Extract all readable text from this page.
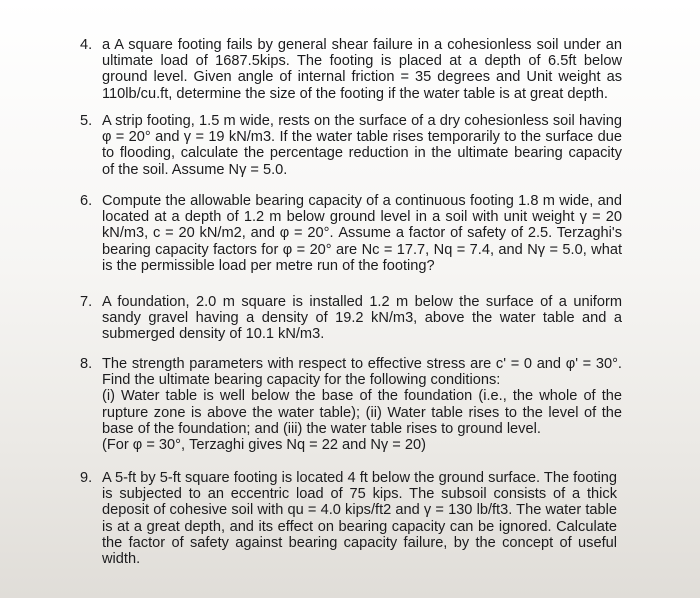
4. a A square footing fails by general shear failure in a cohesionless soil under an ultimate load of 1687.5kips. The footing is placed at a depth of 6.5ft below ground level. Given angle of internal friction = 35 degrees and Unit weight as 110lb/cu.ft, determine the size of the footing if the water table is at great depth.

5. A strip footing, 1.5 m wide, rests on the surface of a dry cohesionless soil having φ = 20° and γ = 19 kN/m3. If the water table rises temporarily to the surface due to flooding, calculate the percentage reduction in the ultimate bearing capacity of the soil. Assume Nγ = 5.0.

6. Compute the allowable bearing capacity of a continuous footing 1.8 m wide, and located at a depth of 1.2 m below ground level in a soil with unit weight γ = 20 kN/m3, c = 20 kN/m2, and φ = 20°. Assume a factor of safety of 2.5. Terzaghi's bearing capacity factors for φ = 20° are Nc = 17.7, Nq = 7.4, and Nγ = 5.0, what is the permissible load per metre run of the footing?

7. A foundation, 2.0 m square is installed 1.2 m below the surface of a uniform sandy gravel having a density of 19.2 kN/m3, above the water table and a submerged density of 10.1 kN/m3.

8. The strength parameters with respect to effective stress are c' = 0 and φ' = 30°. Find the ultimate bearing capacity for the following conditions:
(i) Water table is well below the base of the foundation (i.e., the whole of the rupture zone is above the water table); (ii) Water table rises to the level of the base of the foundation; and (iii) the water table rises to ground level.
(For φ = 30°, Terzaghi gives Nq = 22 and Nγ = 20)
9. A 5-ft by 5-ft square footing is located 4 ft below the ground surface. The footing is subjected to an eccentric load of 75 kips. The subsoil consists of a thick deposit of cohesive soil with qu = 4.0 kips/ft2 and γ = 130 lb/ft3. The water table is at a great depth, and its effect on bearing capacity can be ignored. Calculate the factor of safety against bearing capacity failure, by the concept of useful width.
